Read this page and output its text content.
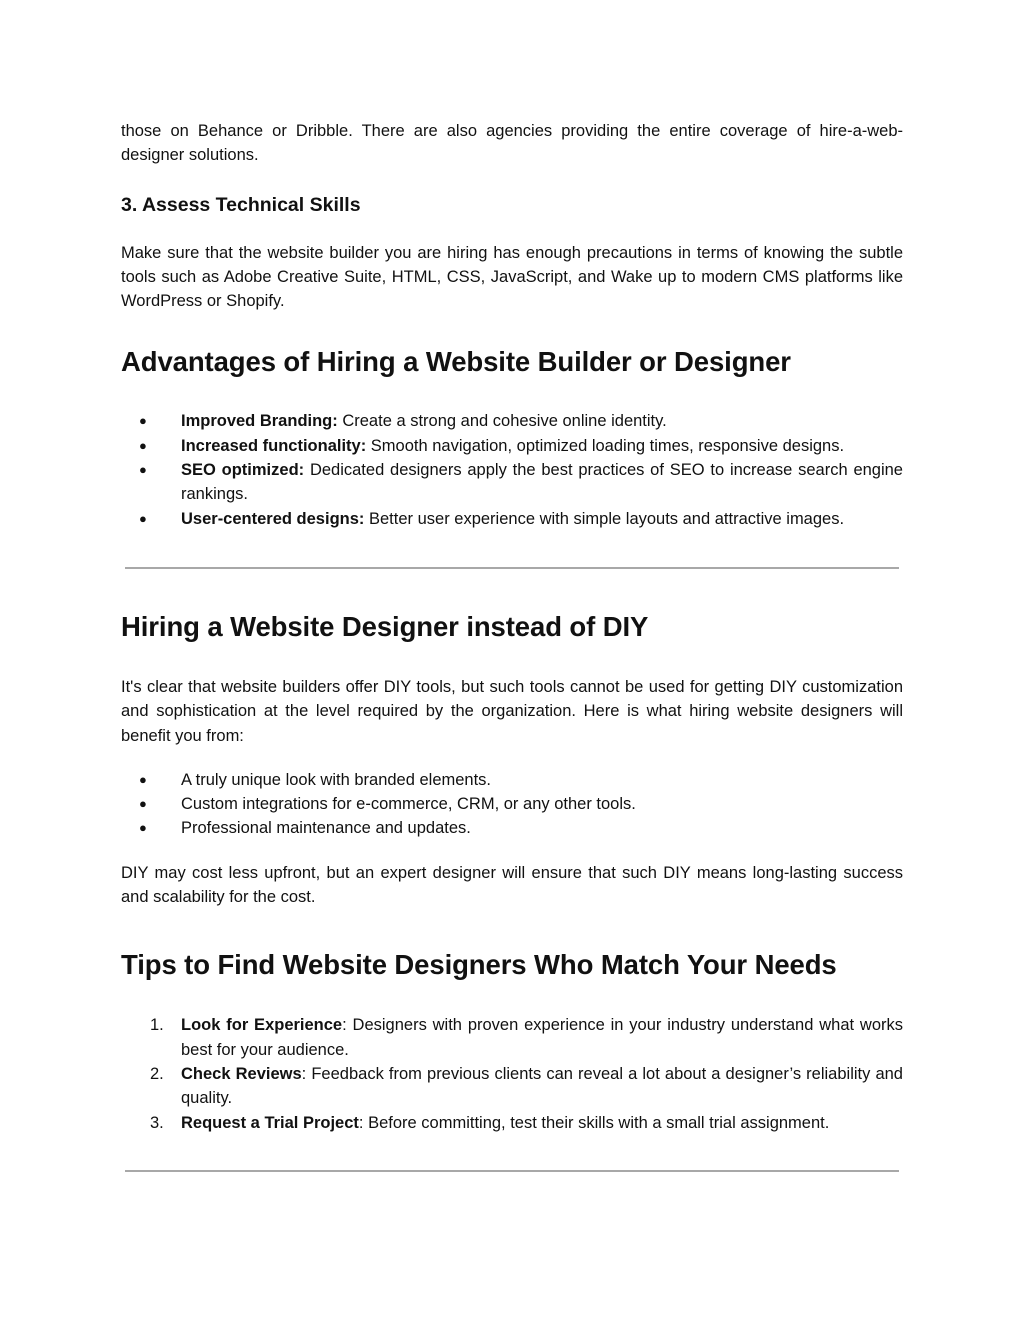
those on Behance or Dribble. There are also agencies providing the entire coverage of hire-a-web-designer solutions.

3. Assess Technical Skills

Make sure that the website builder you are hiring has enough precautions in terms of knowing the subtle tools such as Adobe Creative Suite, HTML, CSS, JavaScript, and Wake up to modern CMS platforms like WordPress or Shopify.

Advantages of Hiring a Website Builder or Designer
● Improved Branding: Create a strong and cohesive online identity.
● Increased functionality: Smooth navigation, optimized loading times, responsive designs.
● SEO optimized: Dedicated designers apply the best practices of SEO to increase search engine rankings.
● User-centered designs: Better user experience with simple layouts and attractive images.
Hiring a Website Designer instead of DIY

It's clear that website builders offer DIY tools, but such tools cannot be used for getting DIY customization and sophistication at the level required by the organization. Here is what hiring website designers will benefit you from:

● A truly unique look with branded elements.
● Custom integrations for e-commerce, CRM, or any other tools.
● Professional maintenance and updates.

DIY may cost less upfront, but an expert designer will ensure that such DIY means long-lasting success and scalability for the cost.

Tips to Find Website Designers Who Match Your Needs
1. Look for Experience: Designers with proven experience in your industry understand what works best for your audience.
2. Check Reviews: Feedback from previous clients can reveal a lot about a designer’s reliability and quality.
3. Request a Trial Project: Before committing, test their skills with a small trial assignment.
